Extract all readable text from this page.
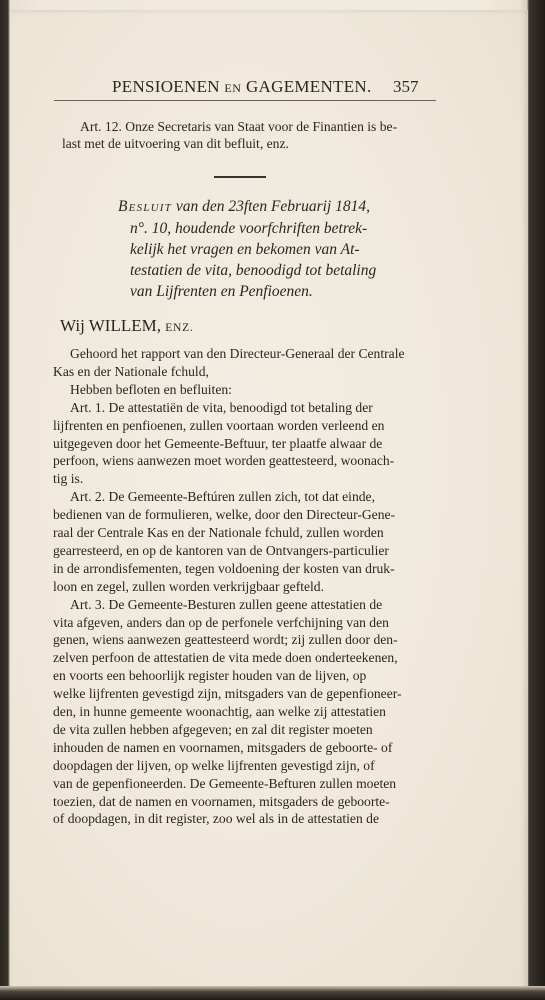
PENSIOENEN EN GAGEMENTEN.	357
Art. 12. Onze Secretaris van Staat voor de Finantien is be-
last met de uitvoering van dit befluit, enz.
Besluit van den 23ften Februarij 1814,
n°. 10, houdende voorfchriften betrek-
kelijk het vragen en bekomen van At-
testatien de vita, benoodigd tot betaling
van Lijfrenten en Penfioenen.
Wij WILLEM, ENZ.
Gehoord het rapport van den Directeur-Generaal der Centrale
Kas en der Nationale fchuld,
Hebben befloten en befluiten:
Art. 1. De attestatiën de vita, benoodigd tot betaling der
lijfrenten en penfioenen, zullen voortaan worden verleend en
uitgegeven door het Gemeente-Beftuur, ter plaatfe alwaar de
perfoon, wiens aanwezen moet worden geattesteerd, woonach-
tig is.
Art. 2. De Gemeente-Beftúren zullen zich, tot dat einde,
bedienen van de formulieren, welke, door den Directeur-Gene-
raal der Centrale Kas en der Nationale fchuld, zullen worden
gearresteerd, en op de kantoren van de Ontvangers-particulier
in de arrondisfementen, tegen voldoening der kosten van druk-
loon en zegel, zullen worden verkrijgbaar gefteld.
Art. 3. De Gemeente-Besturen zullen geene attestatien de
vita afgeven, anders dan op de perfonele verfchijning van den
genen, wiens aanwezen geattesteerd wordt; zij zullen door den-
zelven perfoon de attestatien de vita mede doen onderteekenen,
en voorts een behoorlijk register houden van de lijven, op
welke lijfrenten gevestigd zijn, mitsgaders van de gepenfioneer-
den, in hunne gemeente woonachtig, aan welke zij attestatien
de vita zullen hebben afgegeven; en zal dit register moeten
inhouden de namen en voornamen, mitsgaders de geboorte- of
doopdagen der lijven, op welke lijfrenten gevestigd zijn, of
van de gepenfioneerden. De Gemeente-Befturen zullen moeten
toezien, dat de namen en voornamen, mitsgaders de geboorte-
of doopdagen, in dit register, zoo wel als in de attestatien de
